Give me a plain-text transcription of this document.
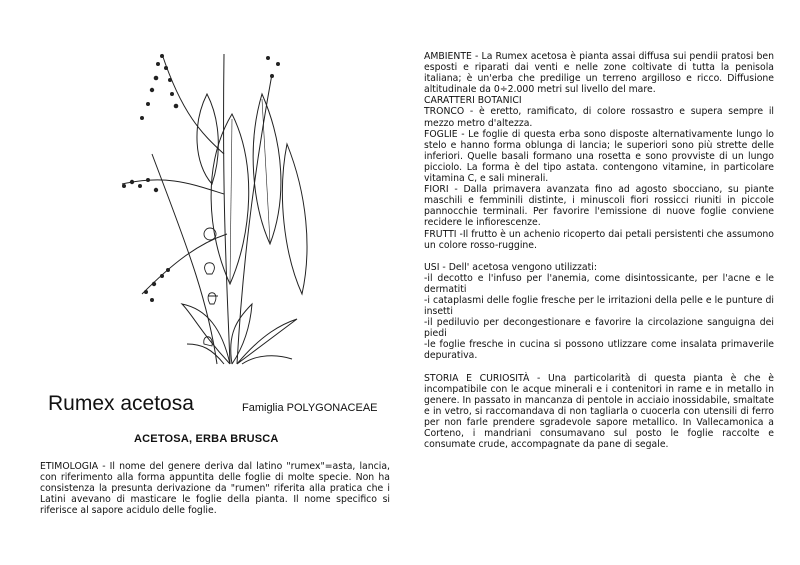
Rumex acetosa	Famiglia POLYGONACEAE
ACETOSA, ERBA BRUSCA

ETIMOLOGIA - Il nome del genere deriva dal latino "rumex"=asta, lancia, con riferimento alla forma appuntita delle foglie di molte specie. Non ha consistenza la presunta derivazione da "rumen" riferita alla pratica che i Latini avevano di masticare le foglie della pianta. Il nome specifico si riferisce al sapore acidulo delle foglie.

AMBIENTE - La Rumex acetosa è pianta assai diffusa sui pendii pratosi ben esposti e riparati dai venti e nelle zone coltivate di tutta la penisola italiana; è un'erba che predilige un terreno argilloso e ricco. Diffusione altitudinale da 0÷2.000 metri sul livello del mare.

CARATTERI BOTANICI

TRONCO - è eretto, ramificato, di colore rossastro e supera sempre il mezzo metro d'altezza.

FOGLIE - Le foglie di questa erba sono disposte alternativamente lungo lo stelo e hanno forma oblunga di lancia; le superiori sono più strette delle inferiori. Quelle basali formano una rosetta e sono provviste di un lungo picciolo. La forma è del tipo astata. contengono vitamine, in particolare vitamina C, e sali minerali.

FIORI - Dalla primavera avanzata fino ad agosto sbocciano, su piante maschili e femminili distinte, i minuscoli fiori rossicci riuniti in piccole pannocchie terminali. Per favorire l'emissione di nuove foglie conviene recidere le infiorescenze.

FRUTTI -Il frutto è un achenio ricoperto dai petali persistenti che assumono un colore rosso-ruggine.

USI - Dell' acetosa vengono utilizzati:

-il decotto e l'infuso per l'anemia, come disintossicante, per l'acne e le dermatiti

-i cataplasmi delle foglie fresche per le irritazioni della pelle e le punture di insetti

-il pediluvio per decongestionare e favorire la circolazione sanguigna dei piedi

-le foglie fresche in cucina si possono utlizzare come insalata primaverile depurativa.

STORIA E CURIOSITÀ - Una particolarità di questa pianta è che è incompatibile con le acque minerali e i contenitori in rame e in metallo in genere. In passato in mancanza di pentole in acciaio inossidabile, smaltate e in vetro, si raccomandava di non tagliarla o cuocerla con utensili di ferro per non farle prendere sgradevole sapore metallico. In Vallecamonica a Corteno, i mandriani consumavano sul posto le foglie raccolte e consumate crude, accompagnate da pane di segale.
